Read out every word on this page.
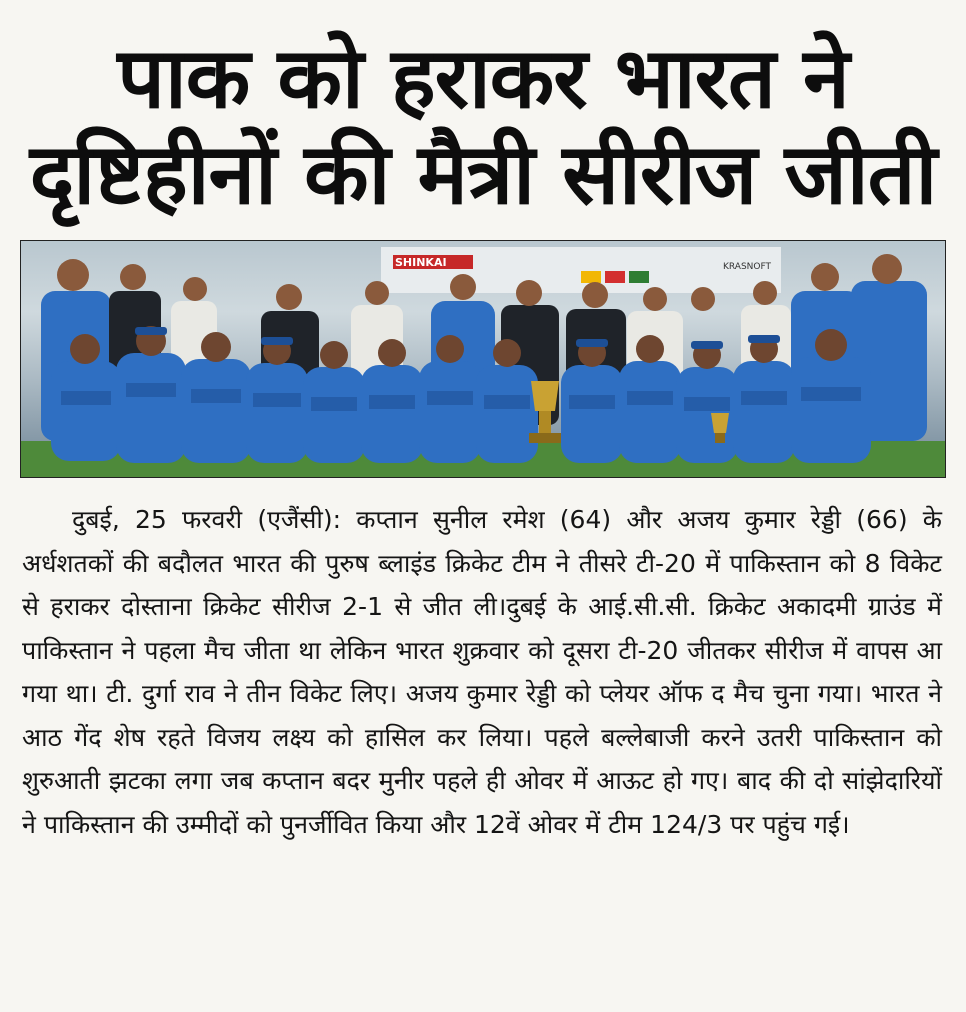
पाक को हराकर भारत ने
दृष्टिहीनों की मैत्री सीरीज जीती
SHINKAI	KRASNOFT

दुबई, 25 फरवरी (एजैंसी): कप्तान सुनील रमेश (64) और अजय कुमार रेड्डी (66) के अर्धशतकों की बदौलत भारत की पुरुष ब्लाइंड क्रिकेट टीम ने तीसरे टी-20 में पाकिस्तान को 8 विकेट से हराकर दोस्ताना क्रिकेट सीरीज 2-1 से जीत ली।दुबई के आई.सी.सी. क्रिकेट अकादमी ग्राउंड में पाकिस्तान ने पहला मैच जीता था लेकिन भारत शुक्रवार को दूसरा टी-20 जीतकर सीरीज में वापस आ गया था। टी. दुर्गा राव ने तीन विकेट लिए। अजय कुमार रेड्डी को प्लेयर ऑफ द मैच चुना गया। भारत ने आठ गेंद शेष रहते विजय लक्ष्य को हासिल कर लिया। पहले बल्लेबाजी करने उतरी पाकिस्तान को शुरुआती झटका लगा जब कप्तान बदर मुनीर पहले ही ओवर में आऊट हो गए। बाद की दो सांझेदारियों ने पाकिस्तान की उम्मीदों को पुनर्जीवित किया और 12वें ओवर में टीम 124/3 पर पहुंच गई।
